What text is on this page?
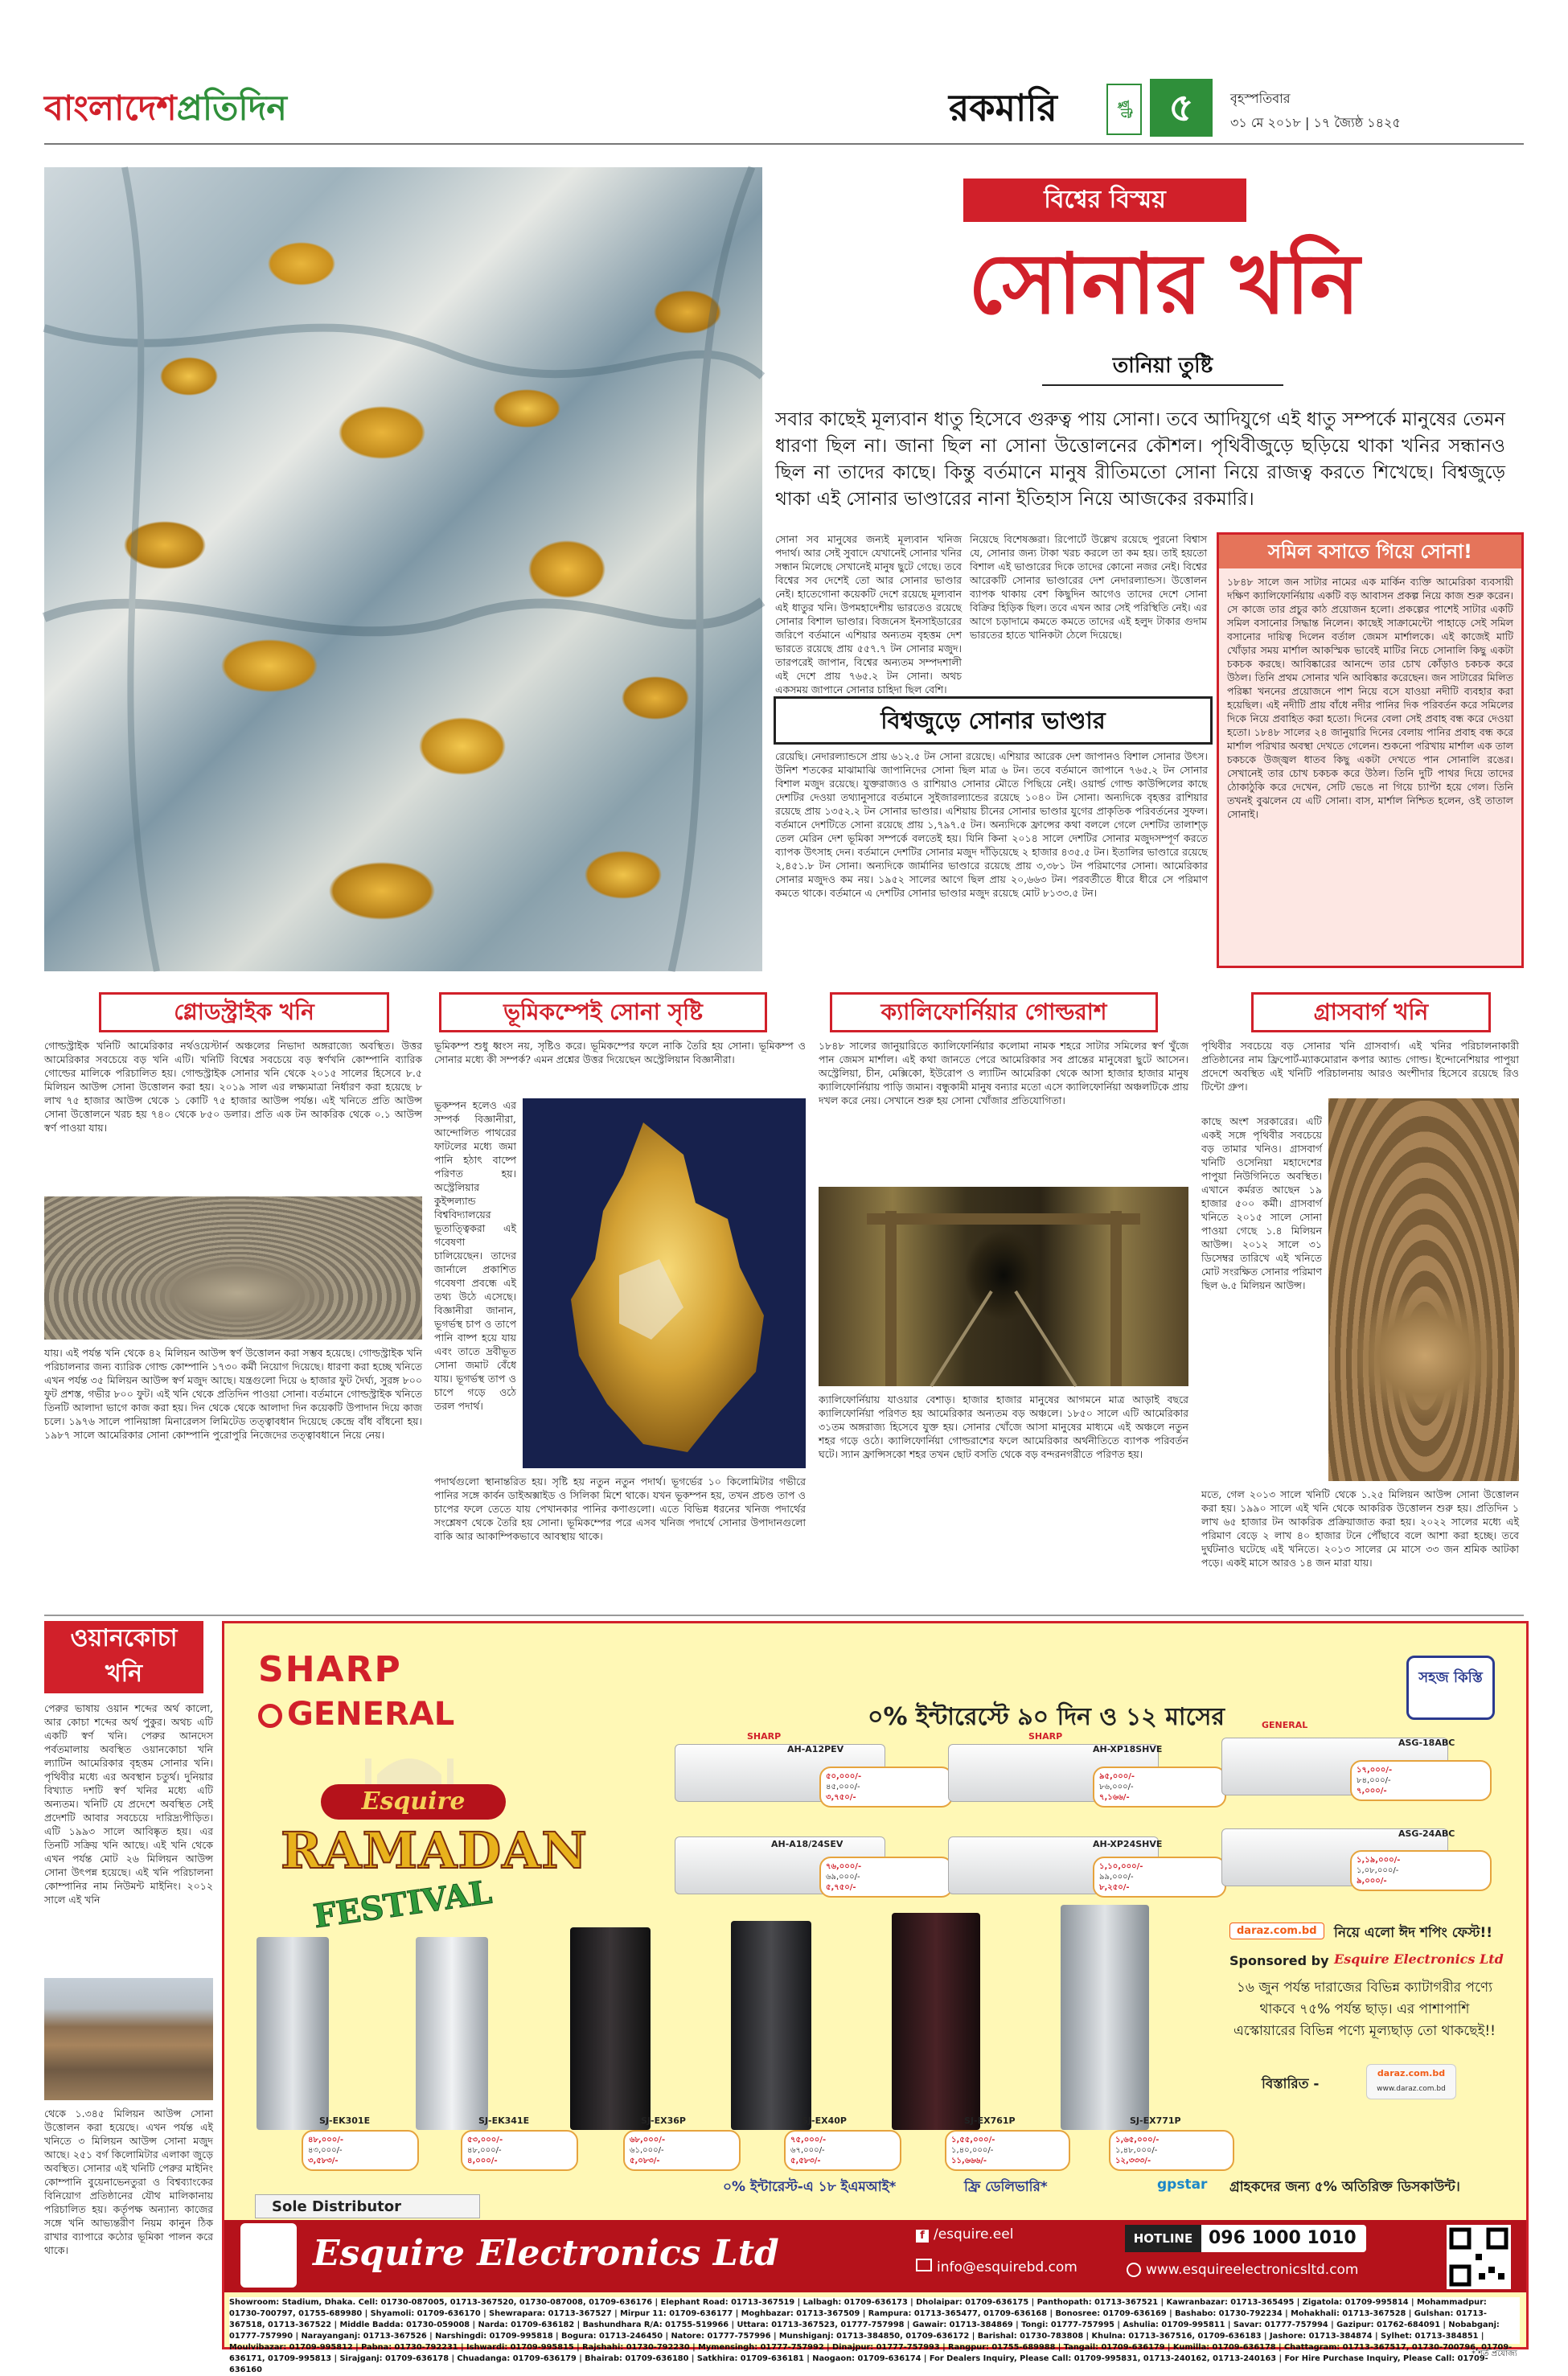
বাংলাদেশপ্রতিদিন	রকমারি	ছুটি ৫	বৃহস্পতিবার
৩১ মে ২০১৮ | ১৭ জ্যৈষ্ঠ ১৪২৫
বিশ্বের বিস্ময়
সোনার খনি
তানিয়া তুষ্টি
সবার কাছেই মূল্যবান ধাতু হিসেবে গুরুত্ব পায় সোনা। তবে আদিযুগে এই ধাতু সম্পর্কে মানুষের তেমন ধারণা ছিল না। জানা ছিল না সোনা উত্তোলনের কৌশল। পৃথিবীজুড়ে ছড়িয়ে থাকা খনির সন্ধানও ছিল না তাদের কাছে। কিন্তু বর্তমানে মানুষ রীতিমতো সোনা নিয়ে রাজত্ব করতে শিখেছে। বিশ্বজুড়ে থাকা এই সোনার ভাণ্ডারের নানা ইতিহাস নিয়ে আজকের রকমারি।
সোনা সব মানুষের জন্যই মূল্যবান খনিজ পদার্থ। আর সেই সুবাদে যেখানেই সোনার খনির সন্ধান মিলেছে সেখানেই মানুষ ছুটে গেছে। তবে বিশ্বের সব দেশেই তো আর সোনার ভাণ্ডার নেই। হাতেগোনা কয়েকটি দেশে রয়েছে মূল্যবান এই ধাতুর খনি। উপমহাদেশীয় ভারতেও রয়েছে সোনার বিশাল ভাণ্ডার। বিজনেস ইনসাইডারের জরিপে বর্তমানে এশিয়ার অন্যতম বৃহত্তম দেশ ভারতে রয়েছে প্রায় ৫৫৭.৭ টন সোনার মজুদ। তারপরেই জাপান, বিশ্বের অন্যতম সম্পদশালী এই দেশে প্রায় ৭৬৫.২ টন সোনা। অথচ একসময় জাপানে সোনার চাহিদা ছিল বেশি।
নিয়েছে বিশেষজ্ঞরা। রিপোর্টে উল্লেখ রয়েছে পুরনো বিশ্বাস যে, সোনার জন্য টাকা খরচ করলে তা কম হয়। তাই হয়তো বিশাল এই ভাণ্ডারের দিকে তাদের কোনো নজর নেই। বিশ্বের আরেকটি সোনার ভাণ্ডারের দেশ নেদারল্যান্ডস। উত্তোলন ব্যাপক থাকায় বেশ কিছুদিন আগেও তাদের দেশে সোনা বিক্রির হিড়িক ছিল। তবে এখন আর সেই পরিস্থিতি নেই। এর আগে চড়াদামে কমতে কমতে তাদের এই হলুদ টাকার গুদাম ভারতের হাতে খানিকটা ঠেলে দিয়েছে।
বিশ্বজুড়ে সোনার ভাণ্ডার
রেয়েছি। নেদারল্যান্ডসে প্রায় ৬১২.৫ টন সোনা রয়েছে। এশিয়ার আরেক দেশ জাপানও বিশাল সোনার উৎস। উনিশ শতকের মাঝামাঝি জাপানিদের সোনা ছিল মাত্র ৬ টন। তবে বর্তমানে জাপানে ৭৬৫.২ টন সোনার বিশাল মজুদ রয়েছে। যুক্তরাজ্যও ও রাশিয়াও সোনার মৌতে পিছিয়ে নেই। ওয়ার্ল্ড গোল্ড কাউন্সিলের কাছে দেশটির দেওয়া তথ্যানুসারে বর্তমানে সুইজারল্যান্ডের রয়েছে ১০৪০ টন সোনা। অন্যদিকে বৃহত্তর রাশিয়ার রয়েছে প্রায় ১৩৫২.২ টন সোনার ভাণ্ডার। এশিয়ায় চীনের সোনার ভাণ্ডার যুগের প্রাকৃতিক পরিবর্তনের সুফল। বর্তমানে দেশটিতে সোনা রয়েছে প্রায় ১,৭৯৭.৫ টন। অন্যদিকে ফ্রান্সের কথা বললে গেলে দেশটির তালাশ্ড় তেল মেরিন দেশ ভূমিকা সম্পর্কে বলতেই হয়। যিনি কিনা ২০১৪ সালে দেশটির সোনার মজুদসম্পূর্ণ করতে ব্যাপক উৎসাহ দেন। বর্তমানে দেশটির সোনার মজুদ দাঁড়িয়েছে ২ হাজার ৪৩৫.৫ টন। ইতালির ভাণ্ডারে রয়েছে ২,৪৫১.৮ টন সোনা। অন্যদিকে জার্মানির ভাণ্ডারে রয়েছে প্রায় ৩,৩৮১ টন পরিমাণের সোনা। আমেরিকার সোনার মজুদও কম নয়। ১৯৫২ সালের আগে ছিল প্রায় ২০,৬৬৩ টন। পরবর্তীতে ধীরে ধীরে সে পরিমাণ কমতে থাকে। বর্তমানে এ দেশটির সোনার ভাণ্ডার মজুদ রয়েছে মোট ৮১৩৩.৫ টন।
সমিল বসাতে গিয়ে সোনা!
১৮৪৮ সালে জন সাটার নামের এক মার্কিন ব্যক্তি আমেরিকা ব্যবসায়ী দক্ষিণ ক্যালিফোর্নিয়ায় একটি বড় আবাসন প্রকল্প নিয়ে কাজ শুরু করেন। সে কাজে তার প্রচুর কাঠ প্রয়োজন হলো। প্রকল্পের পাশেই সাটার একটি সমিল বসানোর সিদ্ধান্ত নিলেন। কাছেই সাক্রামেন্টো পাহাড়ে সেই সমিল বসানোর দায়িত্ব দিলেন বর্তাল জেমস মার্শালকে। এই কাজেই মাটি খোঁড়ার সময় মার্শাল আকস্মিক ভাবেই মাটির নিচে সোনালি কিছু একটা চকচক করছে। আবিষ্কারের আনন্দে তার চোখ কোঁড়াও চকচক করে উঠল। তিনি প্রথম সোনার খনি আবিষ্কার করেছেন। জন সাটারের মিলিত পরিষ্কা খননের প্রয়োজনে পাশ নিয়ে বসে যাওয়া নদীটি ব্যবহার করা হয়েছিল। এই নদীটি প্রায় বাঁধে নদীর পানির দিক পরিবর্তন করে সমিলের দিকে নিয়ে প্রবাহিত করা হতো। দিনের বেলা সেই প্রবাহ বন্ধ করে দেওয়া হতো। ১৮৪৮ সালের ২৪ জানুয়ারি দিনের বেলায় পানির প্রবাহ বন্ধ করে মার্শাল পরিখার অবস্থা দেখতে গেলেন। শুকনো পরিখায় মার্শাল এক তাল চকচকে উজ্জ্বল ধাতব কিছু একটা দেখতে পান সোনালি রঙের। সেখানেই তার চোখ চকচক করে উঠল। তিনি দুটি পাথর দিয়ে তাদের ঠোকাঠুকি করে দেখেন, সেটি ভেঙে না গিয়ে চ্যাপ্টা হয়ে গেল। তিনি তখনই বুঝলেন যে এটি সোনা। বাস, মার্শাল নিশ্চিত হলেন, ওই তাতাল সোনাই।
গ্লোডস্ট্রাইক খনি
গোল্ডস্ট্রাইক খনিটি আমেরিকার নর্থওয়েস্টার্ন অঞ্চলের নিভাদা অঙ্গরাজ্যে অবস্থিত। উত্তর আমেরিকার সবচেয়ে বড় খনি এটি। খনিটি বিশ্বের সবচেয়ে বড় স্বর্ণখনি কোম্পানি ব্যারিক গোল্ডের মালিকে পরিচালিত হয়। গোল্ডস্ট্রাইক সোনার খনি থেকে ২০১৫ সালের হিসেবে ৮.৫ মিলিয়ন আউন্স সোনা উত্তোলন করা হয়। ২০১৯ সাল এর লক্ষ্যমাত্রা নির্ধারণ করা হয়েছে ৮ লাখ ৭৫ হাজার আউন্স থেকে ১ কোটি ৭৫ হাজার আউন্স পর্যন্ত। এই খনিতে প্রতি আউন্স সোনা উত্তোলনে খরচ হয় ৭৪০ থেকে ৮৫০ ডলার। প্রতি এক টন আকরিক থেকে ০.১ আউন্স স্বর্ণ পাওয়া যায়।
যায়। এই পর্যন্ত খনি থেকে ৪২ মিলিয়ন আউন্স স্বর্ণ উত্তোলন করা সম্ভব হয়েছে। গোল্ডস্ট্রাইক খনি পরিচালনার জন্য ব্যারিক গোল্ড কোম্পানি ১৭৩০ কর্মী নিয়োগ দিয়েছে। ধারণা করা হচ্ছে খনিতে এখন পর্যন্ত ৩৫ মিলিয়ন আউন্স স্বর্ণ মজুদ আছে। যন্ত্রগুলো দিয়ে ৬ হাজার ফুট দৈর্ঘ্য, সুরঙ্গ ৮০০ ফুট প্রশস্ত, গভীর ৮০০ ফুট। এই খনি থেকে প্রতিদিন পাওয়া সোনা। বর্তমানে গোল্ডস্ট্রাইক খনিতে তিনটি আলাদা ভাগে কাজ করা হয়। দিন থেকে থেকে আলাদা দিন কয়েকটি উপাদান দিয়ে কাজ চলে। ১৯৭৬ সালে পানিয়াঙ্গা মিনারেলস লিমিটেড তত্ত্বাবধান দিয়েছে কেন্দ্রে বাঁধ বাঁধনো হয়। ১৯৮৭ সালে আমেরিকার সোনা কোম্পানি পুরোপুরি নিজেদের তত্ত্বাবধানে নিয়ে নেয়।
ভূমিকম্পেই সোনা সৃষ্টি
ভূমিকম্প শুধু ধ্বংস নয়, সৃষ্টিও করে। ভূমিকম্পের ফলে নাকি তৈরি হয় সোনা। ভূমিকম্প ও সোনার মধ্যে কী সম্পর্ক? এমন প্রশ্নের উত্তর দিয়েছেন অস্ট্রেলিয়ান বিজ্ঞানীরা।
ভূকম্পন হলেও এর সম্পর্ক বিজ্ঞানীরা, আন্দোলিত পাথরের ফাটলের মধ্যে জমা পানি হঠাৎ বাষ্পে পরিণত হয়। অস্ট্রেলিয়ার কুইন্সল্যান্ড বিশ্ববিদ্যালয়ের ভূতাত্ত্বিকরা এই গবেষণা চালিয়েছেন। তাদের জার্নালে প্রকাশিত গবেষণা প্রবন্ধে এই তথ্য উঠে এসেছে। বিজ্ঞানীরা জানান, ভূগর্ভস্থ চাপ ও তাপে পানি বাষ্প হয়ে যায় এবং তাতে দ্রবীভূত সোনা জমাট বেঁধে যায়। ভূগর্ভস্থ তাপ ও চাপে গড়ে ওঠে তরল পদার্থ।
পদার্থগুলো স্থানান্তরিত হয়। সৃষ্টি হয় নতুন নতুন পদার্থ। ভূগর্ভের ১০ কিলোমিটার গভীরে পানির সঙ্গে কার্বন ডাইঅক্সাইড ও সিলিকা মিশে থাকে। যখন ভূকম্পন হয়, তখন প্রচণ্ড তাপ ও চাপের ফলে তেতে যায় পেখানকার পানির কণাগুলো। এতে বিভিন্ন ধরনের খনিজ পদার্থের সংশ্লেষণ থেকে তৈরি হয় সোনা। ভূমিকম্পের পরে এসব খনিজ পদার্থে সোনার উপাদানগুলো বাকি আর আকাম্পিকভাবে আবস্থায় থাকে।
ক্যালিফোর্নিয়ার গোল্ডরাশ
১৮৪৮ সালের জানুয়ারিতে ক্যালিফোর্নিয়ার কলোমা নামক শহরে সাটার সমিলের স্বর্ণ খুঁজে পান জেমস মার্শাল। এই কথা জানতে পেরে আমেরিকার সব প্রান্তের মানুষেরা ছুটে আসেন। অস্ট্রেলিয়া, চীন, মেক্সিকো, ইউরোপ ও ল্যাটিন আমেরিকা থেকে আসা হাজার হাজার মানুষ ক্যালিফোর্নিয়ায় পাড়ি জমান। বন্ধুকামী মানুষ বন্যার মতো এসে ক্যালিফোর্নিয়া অঞ্চলটিকে প্রায় দখল করে নেয়। সেখানে শুরু হয় সোনা খোঁজার প্রতিযোগিতা।
ক্যালিফোর্নিয়ায় যাওয়ার বেশাড়। হাজার হাজার মানুষের আগমনে মাত্র আড়াই বছরে ক্যালিফোর্নিয়া পরিণত হয় আমেরিকার অন্যতম বড় অঞ্চলে। ১৮৫০ সালে এটি আমেরিকার ৩১তম অঙ্গরাজ্য হিসেবে যুক্ত হয়। সোনার খোঁজে আসা মানুষের মাধ্যমে এই অঞ্চলে নতুন শহর গড়ে ওঠে। ক্যালিফোর্নিয়া গোল্ডরাশের ফলে আমেরিকার অর্থনীতিতে ব্যাপক পরিবর্তন ঘটে। স্যান ফ্রান্সিসকো শহর তখন ছোট বসতি থেকে বড় বন্দরনগরীতে পরিণত হয়।
গ্রাসবার্গ খনি
পৃথিবীর সবচেয়ে বড় সোনার খনি গ্রাসবার্গ। এই খনির পরিচালনাকারী প্রতিষ্ঠানের নাম ফ্রিপোর্ট-ম্যাকমোরান কপার অ্যান্ড গোল্ড। ইন্দোনেশিয়ার পাপুয়া প্রদেশে অবস্থিত এই খনিটি পরিচালনায় আরও অংশীদার হিসেবে রয়েছে রিও টিন্টো গ্রুপ।
কাছে অংশ সরকারের। এটি একই সঙ্গে পৃথিবীর সবচেয়ে বড় তামার খনিও। গ্রাসবার্গ খনিটি ওসেনিয়া মহাদেশের পাপুয়া নিউগিনিতে অবস্থিত। এখানে কর্মরত আছেন ১৯ হাজার ৫০০ কর্মী। গ্রাসবার্গ খনিতে ২০১৫ সালে সোনা পাওয়া গেছে ১.৪ মিলিয়ন আউন্স। ২০১২ সালে ৩১ ডিসেম্বর তারিখে এই খনিতে মোট সংরক্ষিত সোনার পরিমাণ ছিল ৬.৫ মিলিয়ন আউন্স।
মতে, গেল ২০১৩ সালে খনিটি থেকে ১.২৫ মিলিয়ন আউন্স সোনা উত্তোলন করা হয়। ১৯৯০ সালে এই খনি থেকে আকরিক উত্তোলন শুরু হয়। প্রতিদিন ১ লাখ ৬৫ হাজার টন আকরিক প্রক্রিয়াজাত করা হয়। ২০২২ সালের মধ্যে এই পরিমাণ বেড়ে ২ লাখ ৪০ হাজার টনে পৌঁছাবে বলে আশা করা হচ্ছে। তবে দুর্ঘটনাও ঘটেছে এই খনিতে। ২০১৩ সালের মে মাসে ৩৩ জন শ্রমিক আটকা পড়ে। একই মাসে আরও ১৪ জন মারা যায়।
ওয়ানকোচা
খনি
পেরুর ভাষায় ওয়ান শব্দের অর্থ কালো, আর কোচা শব্দের অর্থ পুকুর। অথচ এটি একটি স্বর্ণ খনি। পেরুর আনদেস পর্বতমালায় অবস্থিত ওয়ানকোচা খনি ল্যাটিন আমেরিকার বৃহত্তম সোনার খনি। পৃথিবীর মধ্যে এর অবস্থান চতুর্থ। দুনিয়ার বিখ্যাত দশটি স্বর্ণ খনির মধ্যে এটি অন্যতম। খনিটি যে প্রদেশে অবস্থিত সেই প্রদেশটি আবার সবচেয়ে দারিদ্র্যপীড়িত। এটি ১৯৯৩ সালে আবিষ্কৃত হয়। এর তিনটি সক্রিয় খনি আছে। এই খনি থেকে এখন পর্যন্ত মোট ২৬ মিলিয়ন আউন্স সোনা উৎপন্ন হয়েছে। এই খনি পরিচালনা কোম্পানির নাম নিউমন্ট মাইনিং। ২০১২ সালে এই খনি
থেকে ১.৩৪৫ মিলিয়ন আউন্স সোনা উত্তোলন করা হয়েছে। এখন পর্যন্ত এই খনিতে ৩ মিলিয়ন আউন্স সোনা মজুদ আছে। ২৫১ বর্গ কিলোমিটার এলাকা জুড়ে অবস্থিত। সোনার এই খনিটি পেরুর মাইনিং কোম্পানি বুয়েনাভেনতুরা ও বিশ্বব্যাংকের বিনিয়োগ প্রতিষ্ঠানের যৌথ মালিকানায় পরিচালিত হয়। কর্তৃপক্ষ অন্যান্য কাজের সঙ্গে খনি আভ্যন্তরীণ নিয়ম কানুন ঠিক রাখার ব্যাপারে কঠোর ভূমিকা পালন করে থাকে।
SHARP
GENERAL
Esquire
RAMADAN
FESTIVAL
০% ইন্টারেস্টে ৯০ দিন ও ১২ মাসের
সহজ কিস্তি
SHARP
AH-A12PEV
৫০,০০০/-
৪৫,০০০/-
৩,৭৫০/-
SHARP
AH-XP18SHVE
৯৫,০০০/-
৮৬,০০০/-
৭,১৬৬/-
GENERAL
ASG-18ABC
১৭,০০০/-
৮৪,০০০/-
৭,০০০/-
AH-A18/24SEV
৭৬,০০০/-
৬৯,০০০/-
৫,৭৫০/-
AH-XP24SHVE
১,১০,০০০/-
৯৯,০০০/-
৮,২৫০/-
ASG-24ABC
১,১৯,০০০/-
১,০৮,০০০/-
৯,০০০/-
SJ-EK301E
৪৮,০০০/-
৪৩,০০০/-
৩,৫৮৩/-
SJ-EK341E
৫৩,০০০/-
৪৮,০০০/-
৪,০০০/-
SJ-EX36P
৬৮,০০০/-
৬১,০০০/-
৫,০৮৩/-
SJ-EX40P
৭৫,০০০/-
৬৭,০০০/-
৫,৫৮৩/-
SJ-EX761P
১,৫৫,০০০/-
১,৪০,০০০/-
১১,৬৬৬/-
SJ-EX771P
১,৬৫,০০০/-
১,৪৮,০০০/-
১২,৩৩৩/-
daraz.com.bd	নিয়ে এলো ঈদ শপিং ফেস্ট!!
Sponsored by Esquire Electronics Ltd
১৬ জুন পর্যন্ত দারাজের বিভিন্ন ক্যাটাগরীর পণ্যে থাকবে ৭৫% পর্যন্ত ছাড়। এর পাশাপাশি এস্কোয়ারের বিভিন্ন পণ্যে মূল্যছাড় তো থাকছেই!!
বিস্তারিত -
daraz.com.bd
www.daraz.com.bd
০% ইন্টারেস্ট-এ ১৮ ইএমআই*	ফ্রি ডেলিভারি*	gpstar গ্রাহকদের জন্য ৫% অতিরিক্ত ডিসকাউন্ট।
Sole Distributor
Esquire Electronics Ltd	f /esquire.eel
info@esquirebd.com
HOTLINE 096 1000 1010
www.esquireelectronicsltd.com
Showroom: Stadium, Dhaka. Cell: 01730-087005, 01713-367520, 01730-087008, 01709-636176 | Elephant Road: 01713-367519 | Lalbagh: 01709-636173 | Dholaipar: 01709-636175 | Panthopath: 01713-367521 | Kawranbazar: 01713-365495 | Zigatola: 01709-995814 | Mohammadpur: 01730-700797, 01755-689980 | Shyamoli: 01709-636170 | Shewrapara: 01713-367527 | Mirpur 11: 01709-636177 | Moghbazar: 01713-367509 | Rampura: 01713-365477, 01709-636168 | Bonosree: 01709-636169 | Bashabo: 01730-792234 | Mohakhali: 01713-367528 | Gulshan: 01713-367518, 01713-367522 | Middle Badda: 01730-059008 | Narda: 01709-636182 | Bashundhara R/A: 01755-519966 | Uttara: 01713-367523, 01777-757998 | Gawair: 01713-384869 | Tongi: 01777-757995 | Ashulia: 01709-995811 | Savar: 01777-757994 | Gazipur: 01762-684091 | Nobabganj: 01777-757990 | Narayanganj: 01713-367526 | Narshingdi: 01709-995818 | Bogura: 01713-246450 | Natore: 01777-757996 | Munshiganj: 01713-384850, 01709-636172 | Barishal: 01730-783808 | Khulna: 01713-367516, 01709-636183 | Jashore: 01713-384874 | Sylhet: 01713-384851 | Moulvibazar: 01709-995812 | Pabna: 01730-792231 | Ishwardi: 01709-995815 | Rajshahi: 01730-792230 | Mymensingh: 01777-757992 | Dinajpur: 01777-757993 | Rangpur: 01755-689988 | Tangail: 01709-636179 | Kumilla: 01709-636178 | Chattagram: 01713-367517, 01730-700796, 01709-636171, 01709-995813 | Sirajganj: 01709-636178 | Chuadanga: 01709-636179 | Bhairab: 01709-636180 | Satkhira: 01709-636181 | Naogaon: 01709-636174 | For Dealers Inquiry, Please Call: 01709-995831, 01713-240162, 01713-240163 | For Hire Purchase Inquiry, Please Call: 01709-636160
* শর্ত প্রযোজ্য
